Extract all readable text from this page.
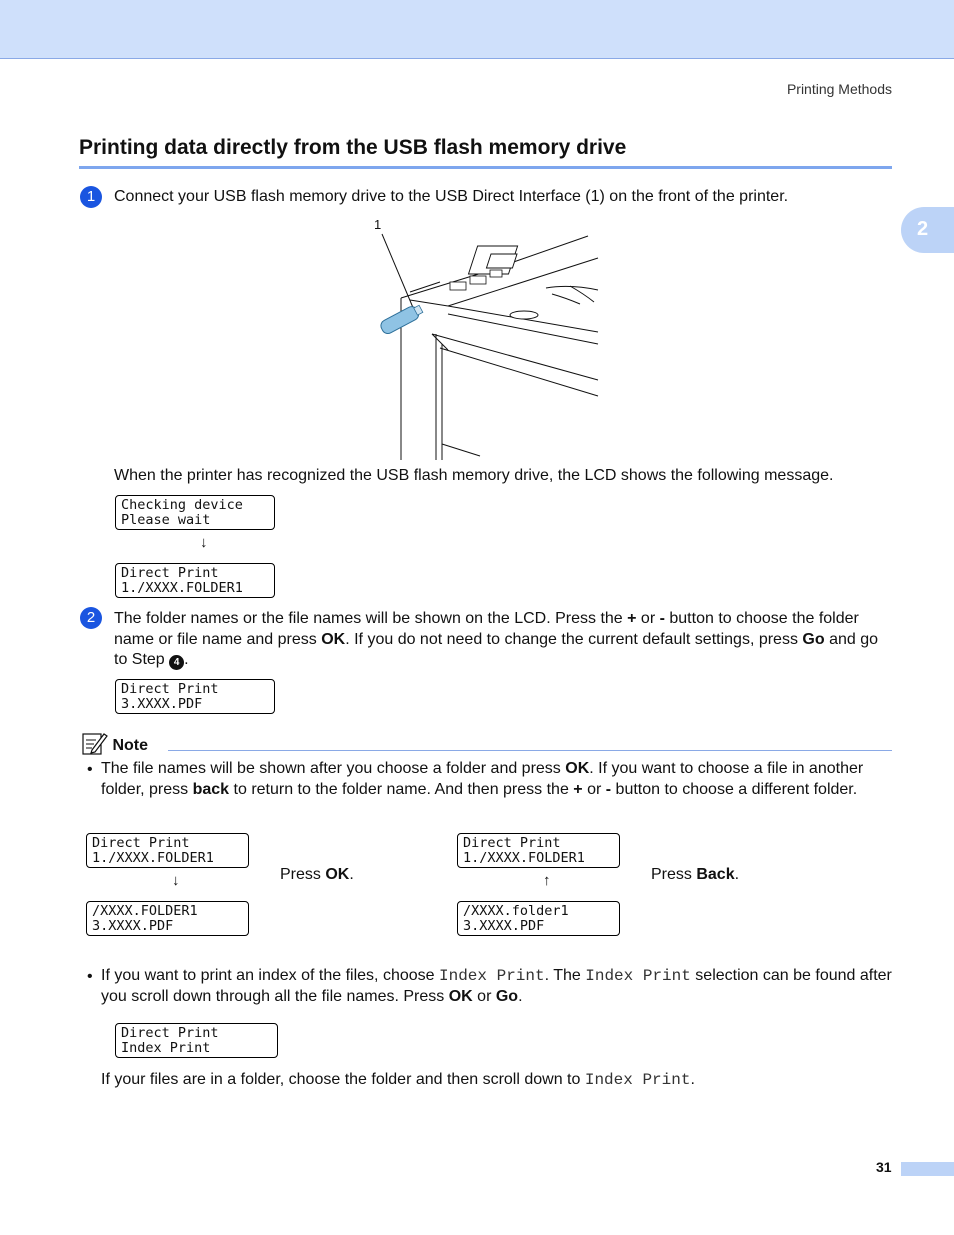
Printing Methods
2
Printing data directly from the USB flash memory drive
1	Connect your USB flash memory drive to the USB Direct Interface (1) on the front of the printer.
1
When the printer has recognized the USB flash memory drive, the LCD shows the following message.
Checking device
Please wait
↓
Direct Print
1./XXXX.FOLDER1
2	The folder names or the file names will be shown on the LCD. Press the + or - button to choose the folder name or file name and press OK. If you do not need to change the current default settings, press Go and go to Step 4 .
Direct Print
3.XXXX.PDF
Note
• The file names will be shown after you choose a folder and press OK. If you want to choose a file in another folder, press back to return to the folder name. And then press the + or - button to choose a different folder.
Direct Print
1./XXXX.FOLDER1
↓
/XXXX.FOLDER1
3.XXXX.PDF
Press OK.
Direct Print
1./XXXX.FOLDER1
↑
/XXXX.folder1
3.XXXX.PDF
Press Back.
• If you want to print an index of the files, choose Index Print. The Index Print selection can be found after you scroll down through all the file names. Press OK or Go.
Direct Print
Index Print
If your files are in a folder, choose the folder and then scroll down to Index Print.
31
